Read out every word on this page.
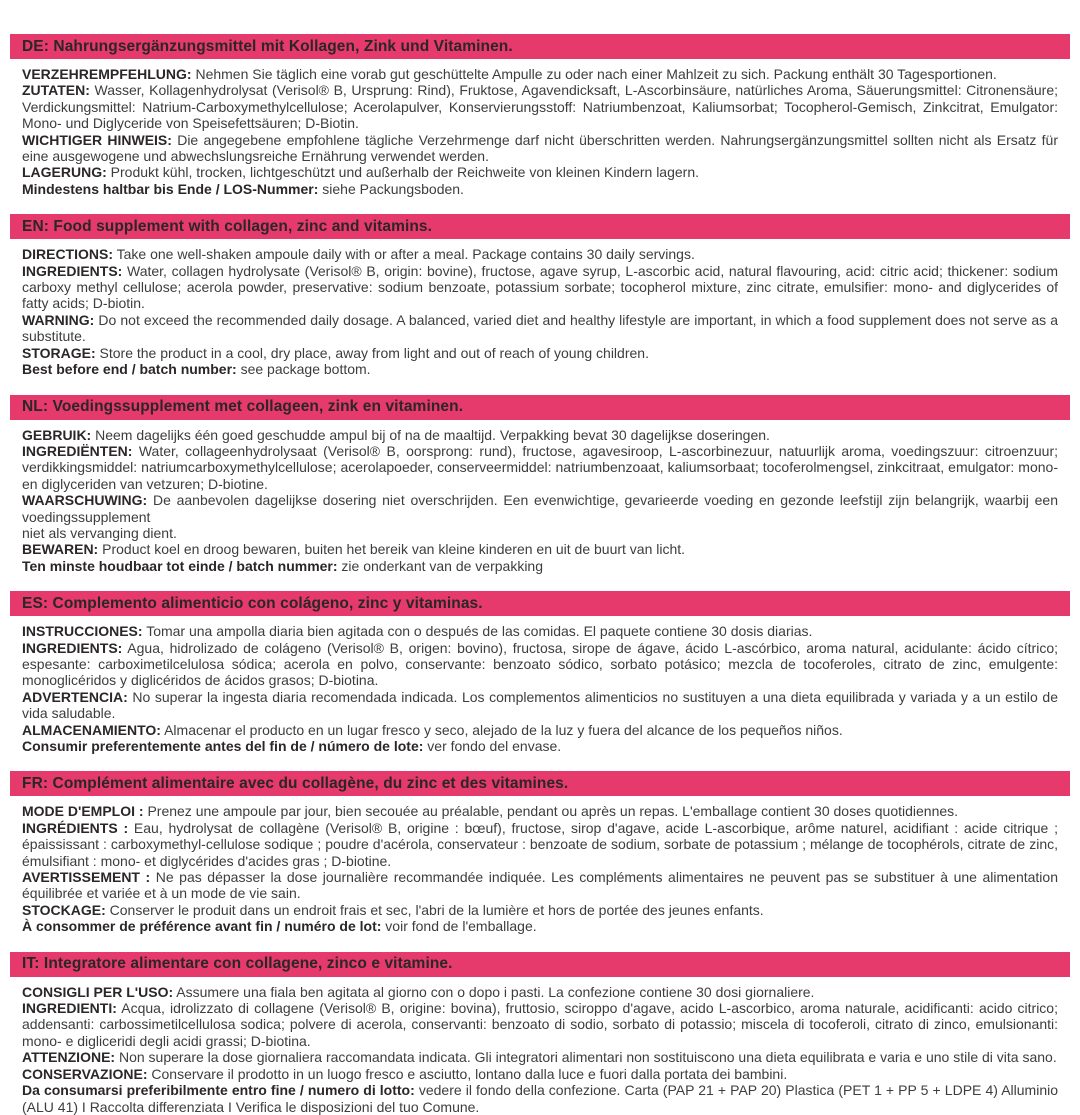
DE: Nahrungsergänzungsmittel mit Kollagen, Zink und Vitaminen.

VERZEHREMPFEHLUNG: Nehmen Sie täglich eine vorab gut geschüttelte Ampulle zu oder nach einer Mahlzeit zu sich. Packung enthält 30 Tagesportionen.

ZUTATEN: Wasser, Kollagenhydrolysat (Verisol® B, Ursprung: Rind), Fruktose, Agavendicksaft, L-Ascorbinsäure, natürliches Aroma, Säuerungsmittel: Citronensäure; Verdickungsmittel: Natrium-Carboxymethylcellulose; Acerolapulver, Konservierungsstoff: Natriumbenzoat, Kaliumsorbat; Tocopherol-Gemisch, Zinkcitrat, Emulgator: Mono- und Diglyceride von Speisefettsäuren; D-Biotin.

WICHTIGER HINWEIS: Die angegebene empfohlene tägliche Verzehrmenge darf nicht überschritten werden. Nahrungsergänzungsmittel sollten nicht als Ersatz für eine ausgewogene und abwechslungsreiche Ernährung verwendet werden.

LAGERUNG: Produkt kühl, trocken, lichtgeschützt und außerhalb der Reichweite von kleinen Kindern lagern.

Mindestens haltbar bis Ende / LOS-Nummer: siehe Packungsboden.

EN: Food supplement with collagen, zinc and vitamins.

DIRECTIONS: Take one well-shaken ampoule daily with or after a meal. Package contains 30 daily servings.

INGREDIENTS: Water, collagen hydrolysate (Verisol® B, origin: bovine), fructose, agave syrup, L-ascorbic acid, natural flavouring, acid: citric acid; thickener: sodium carboxy methyl cellulose; acerola powder, preservative: sodium benzoate, potassium sorbate; tocopherol mixture, zinc citrate, emulsifier: mono- and diglycerides of fatty acids; D-biotin.

WARNING: Do not exceed the recommended daily dosage. A balanced, varied diet and healthy lifestyle are important, in which a food supplement does not serve as a substitute.

STORAGE: Store the product in a cool, dry place, away from light and out of reach of young children.

Best before end / batch number: see package bottom.

NL: Voedingssupplement met collageen, zink en vitaminen.

GEBRUIK: Neem dagelijks één goed geschudde ampul bij of na de maaltijd. Verpakking bevat 30 dagelijkse doseringen.

INGREDIËNTEN: Water, collageenhydrolysaat (Verisol® B, oorsprong: rund), fructose, agavesiroop, L-ascorbinezuur, natuurlijk aroma, voedingszuur: citroenzuur; verdikkingsmiddel: natriumcarboxymethylcellulose; acerolapoeder, conserveermiddel: natriumbenzoaat, kaliumsorbaat; tocoferolmengsel, zinkcitraat, emulgator: mono- en diglyceriden van vetzuren; D-biotine.

WAARSCHUWING: De aanbevolen dagelijkse dosering niet overschrijden. Een evenwichtige, gevarieerde voeding en gezonde leefstijl zijn belangrijk, waarbij een voedingssupplement
niet als vervanging dient.

BEWAREN: Product koel en droog bewaren, buiten het bereik van kleine kinderen en uit de buurt van licht.

Ten minste houdbaar tot einde / batch nummer: zie onderkant van de verpakking

ES: Complemento alimenticio con colágeno, zinc y vitaminas.

INSTRUCCIONES: Tomar una ampolla diaria bien agitada con o después de las comidas. El paquete contiene 30 dosis diarias.

INGREDIENTS: Agua, hidrolizado de colágeno (Verisol® B, origen: bovino), fructosa, sirope de ágave, ácido L-ascórbico, aroma natural, acidulante: ácido cítrico; espesante: carboximetilcelulosa sódica; acerola en polvo, conservante: benzoato sódico, sorbato potásico; mezcla de tocoferoles, citrato de zinc, emulgente: monoglicéridos y diglicéridos de ácidos grasos; D-biotina.

ADVERTENCIA: No superar la ingesta diaria recomendada indicada. Los complementos alimenticios no sustituyen a una dieta equilibrada y variada y a un estilo de vida saludable.

ALMACENAMIENTO: Almacenar el producto en un lugar fresco y seco, alejado de la luz y fuera del alcance de los pequeños niños.

Consumir preferentemente antes del fin de / número de lote: ver fondo del envase.

FR: Complément alimentaire avec du collagène, du zinc et des vitamines.

MODE D'EMPLOI : Prenez une ampoule par jour, bien secouée au préalable, pendant ou après un repas. L'emballage contient 30 doses quotidiennes.

INGRÉDIENTS : Eau, hydrolysat de collagène (Verisol® B, origine : bœuf), fructose, sirop d'agave, acide L-ascorbique, arôme naturel, acidifiant : acide citrique ; épaississant : carboxymethyl-cellulose sodique ; poudre d'acérola, conservateur : benzoate de sodium, sorbate de potassium ; mélange de tocophérols, citrate de zinc, émulsifiant : mono- et diglycérides d'acides gras ; D-biotine.

AVERTISSEMENT : Ne pas dépasser la dose journalière recommandée indiquée. Les compléments alimentaires ne peuvent pas se substituer à une alimentation équilibrée et variée et à un mode de vie sain.

STOCKAGE: Conserver le produit dans un endroit frais et sec, l'abri de la lumière et hors de portée des jeunes enfants.

À consommer de préférence avant fin / numéro de lot: voir fond de l'emballage.

IT: Integratore alimentare con collagene, zinco e vitamine.

CONSIGLI PER L'USO: Assumere una fiala ben agitata al giorno con o dopo i pasti. La confezione contiene 30 dosi giornaliere.

INGREDIENTI: Acqua, idrolizzato di collagene (Verisol® B, origine: bovina), fruttosio, sciroppo d'agave, acido L-ascorbico, aroma naturale, acidificanti: acido citrico; addensanti: carbossimetilcellulosa sodica; polvere di acerola, conservanti: benzoato di sodio, sorbato di potassio; miscela di tocoferoli, citrato di zinco, emulsionanti: mono- e digliceridi degli acidi grassi; D-biotina.

ATTENZIONE: Non superare la dose giornaliera raccomandata indicata. Gli integratori alimentari non sostituiscono una dieta equilibrata e varia e uno stile di vita sano.

CONSERVAZIONE: Conservare il prodotto in un luogo fresco e asciutto, lontano dalla luce e fuori dalla portata dei bambini.

Da consumarsi preferibilmente entro fine / numero di lotto: vedere il fondo della confezione. Carta (PAP 21 + PAP 20) Plastica (PET 1 + PP 5 + LDPE 4) Alluminio (ALU 41) I Raccolta differenziata I Verifica le disposizioni del tuo Comune.
